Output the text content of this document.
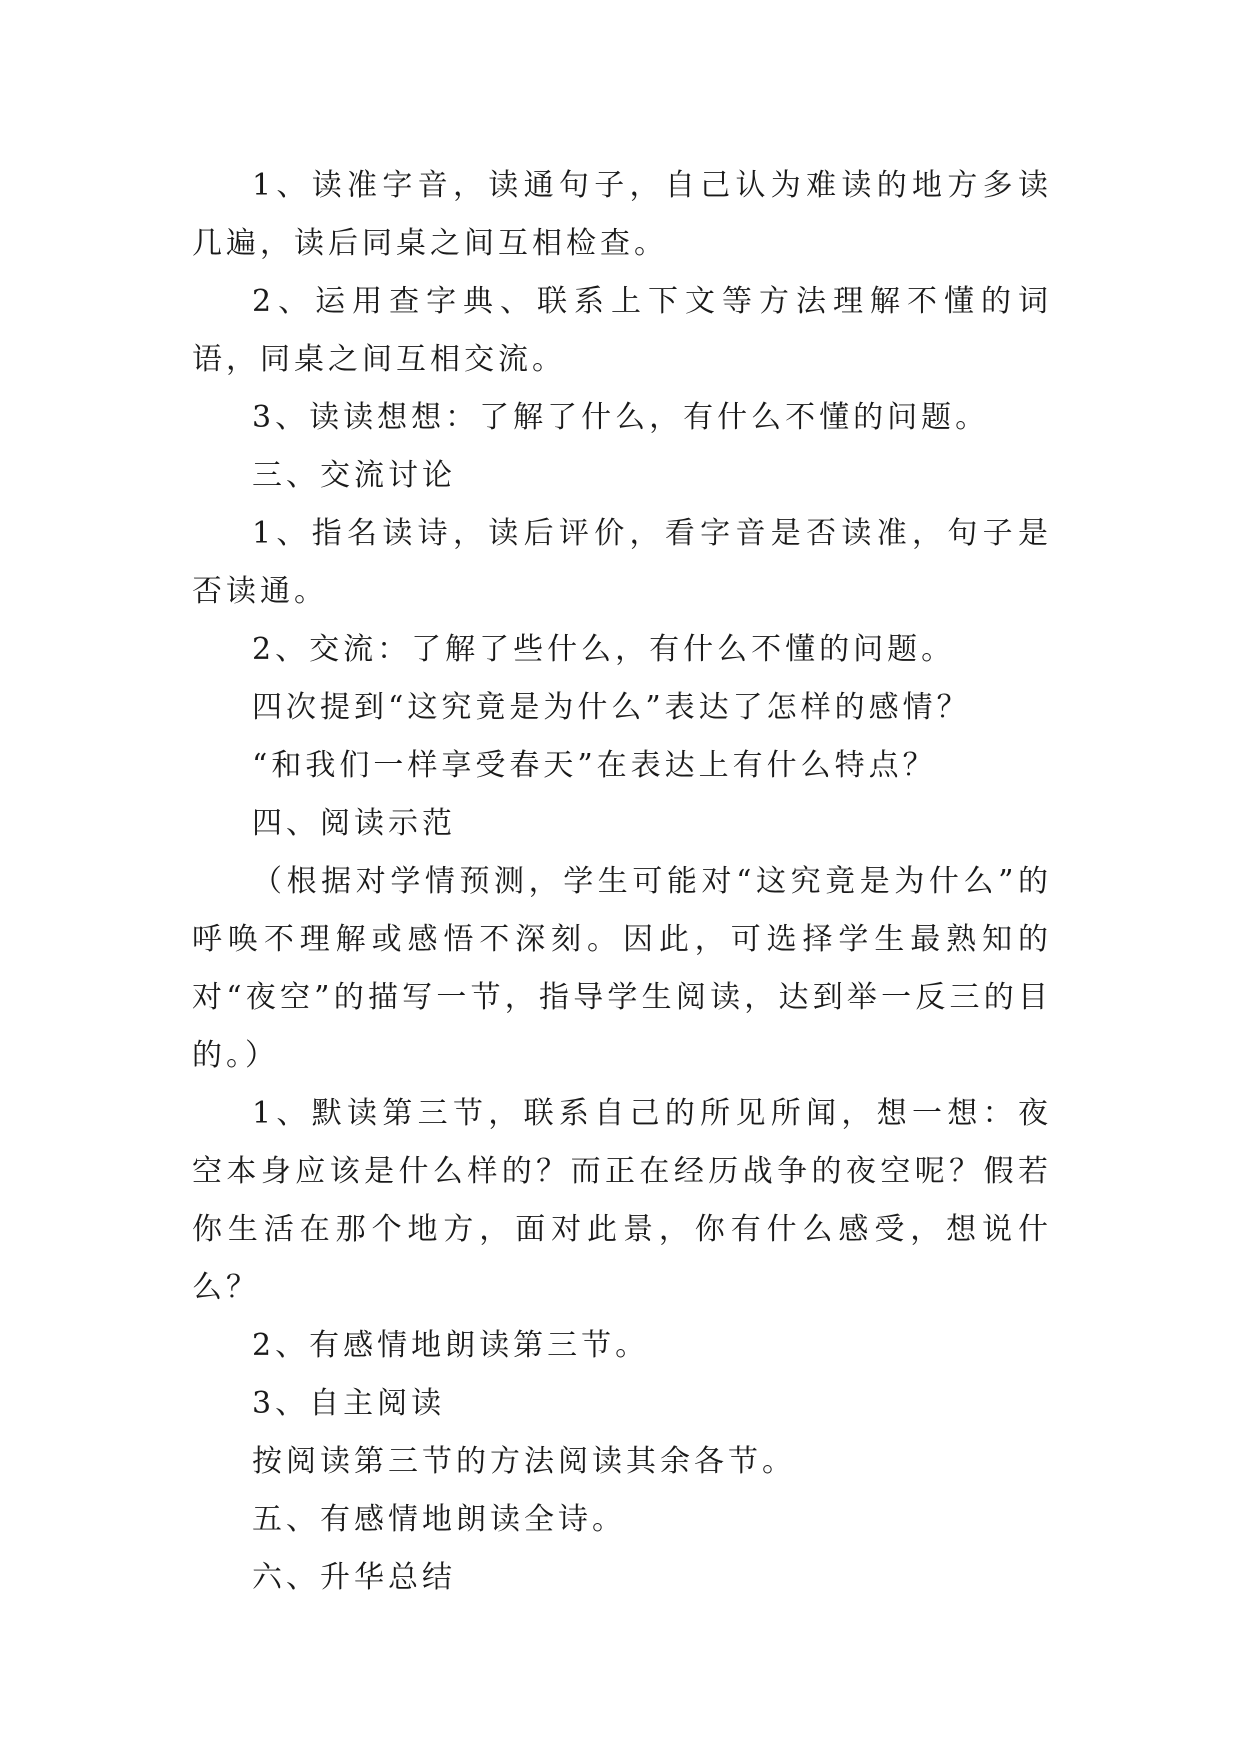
1、读准字音，读通句子，自己认为难读的地方多读几遍，读后同桌之间互相检查。

2、运用查字典、联系上下文等方法理解不懂的词语，同桌之间互相交流。

3、读读想想：了解了什么，有什么不懂的问题。

三、交流讨论

1、指名读诗，读后评价，看字音是否读准，句子是否读通。

2、交流：了解了些什么，有什么不懂的问题。

四次提到“这究竟是为什么”表达了怎样的感情？

“和我们一样享受春天”在表达上有什么特点？

四、阅读示范

（根据对学情预测，学生可能对“这究竟是为什么”的呼唤不理解或感悟不深刻。因此，可选择学生最熟知的对“夜空”的描写一节，指导学生阅读，达到举一反三的目的。）

1、默读第三节，联系自己的所见所闻，想一想：夜空本身应该是什么样的？而正在经历战争的夜空呢？假若你生活在那个地方，面对此景，你有什么感受，想说什么？

2、有感情地朗读第三节。

3、自主阅读

按阅读第三节的方法阅读其余各节。

五、有感情地朗读全诗。

六、升华总结
